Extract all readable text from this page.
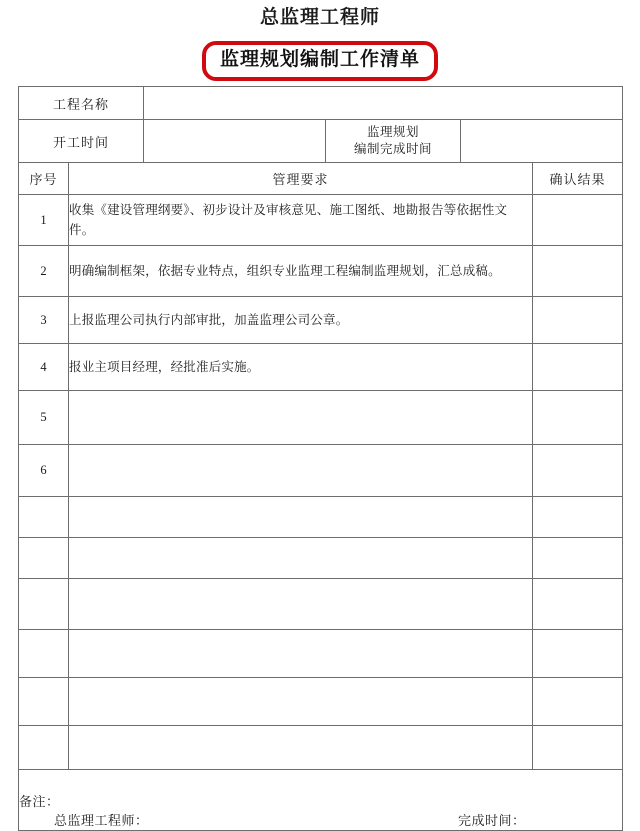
总监理工程师
监理规划编制工作清单
工程名称					
开工时间			监理规划
编制完成时间		

序号	管理要求				确认结果
1	收集《建设管理纲要》、初步设计及审核意见、施工图纸、地勘报告等依据性文件。				
2	明确编制框架，依据专业特点，组织专业监理工程编制监理规划，汇总成稿。				
3	上报监理公司执行内部审批，加盖监理公司公章。				
4	报业主项目经理，经批准后实施。				
5					
6					

备注：					
总监理工程师：	完成时间：
